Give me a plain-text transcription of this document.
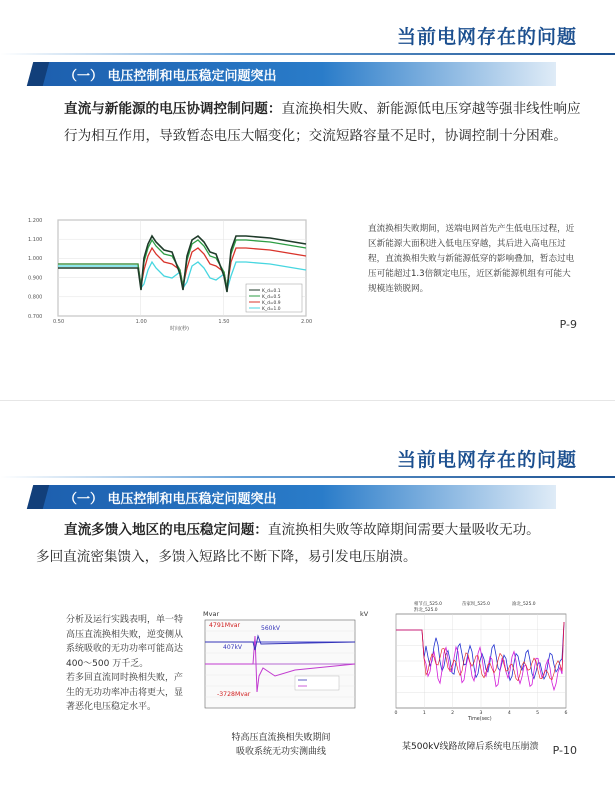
当前电网存在的问题
（一） 电压控制和电压稳定问题突出
直流与新能源的电压协调控制问题：直流换相失败、新能源低电压穿越等强非线性响应行为相互作用，导致暂态电压大幅变化；交流短路容量不足时，协调控制十分困难。
1.200
1.100
1.000
0.900
0.800
0.700
0.50	1.00	1.50	2.00
时间(秒)
K_d=0.1
K_d=0.5
K_d=0.9
K_d=1.0
直流换相失败期间，送端电网首先产生低电压过程，近区新能源大面积进入低电压穿越，其后进入高电压过程，直流换相失败与新能源低穿的影响叠加，暂态过电压可能超过1.3倍额定电压，近区新能源机组有可能大规模连锁脱网。
P-9
当前电网存在的问题
（一） 电压控制和电压稳定问题突出
直流多馈入地区的电压稳定问题：直流换相失败等故障期间需要大量吸收无功。
多回直流密集馈入，多馈入短路比不断下降，易引发电压崩溃。
分析及运行实践表明，单一特高压直流换相失败，逆变侧从系统吸收的无功功率可能高达400～500 万千乏。
若多回直流同时换相失败，产生的无功功率冲击将更大，显著恶化电压稳定水平。
Mvar	kV
4791Mvar	560kV
407kV
-3728Mvar
特高压直流换相失败期间
吸收系统无功实测曲线
相节点_525.0	苗家坝_525.0	渝北_525.0
黔北_525.0
0	1	2	3	4	5	6
Time(sec)
某500kV线路故障后系统电压崩溃 P-10
